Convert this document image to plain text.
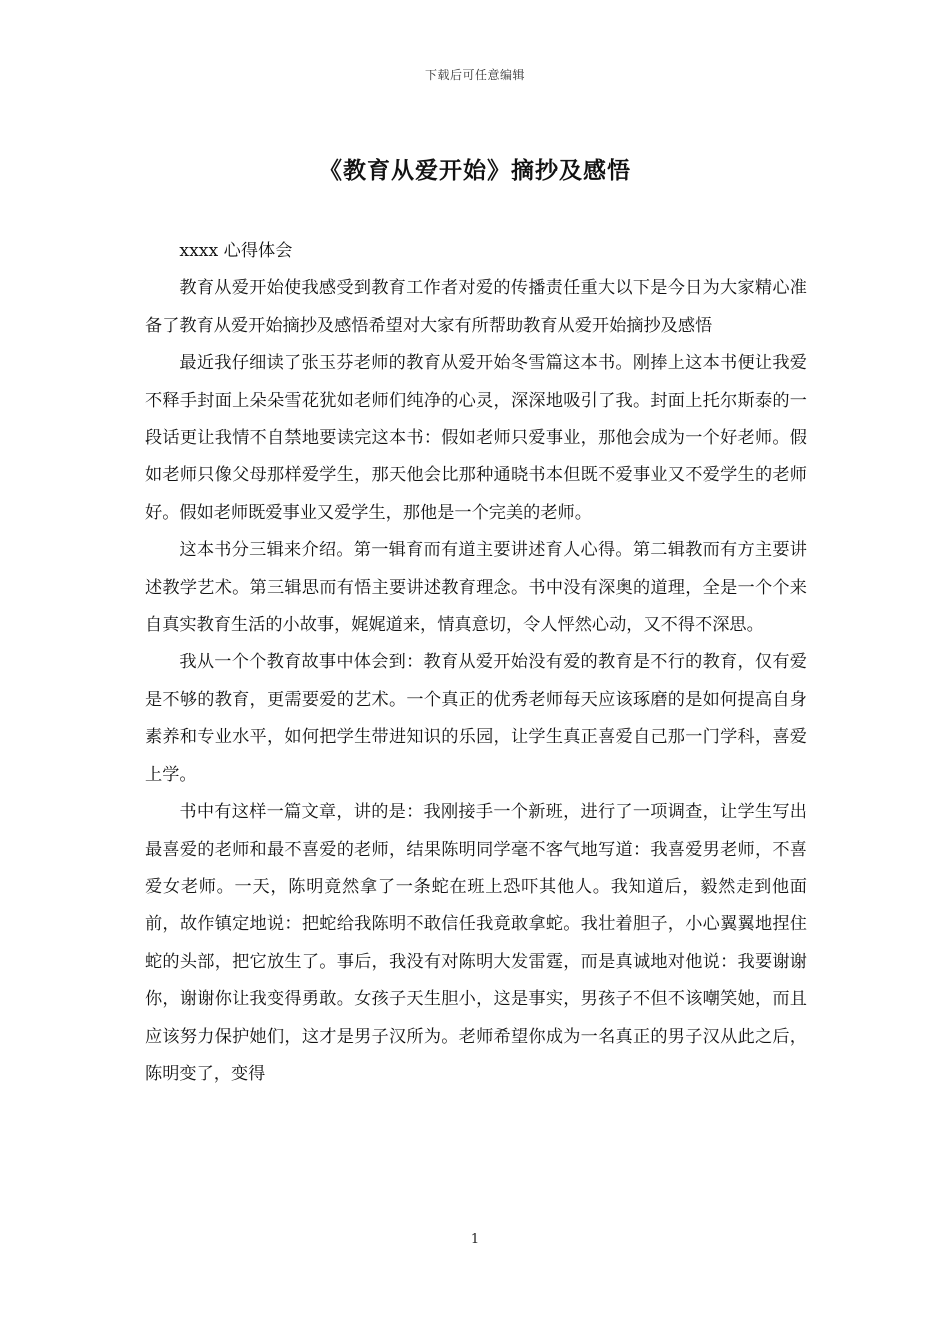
下载后可任意编辑
《教育从爱开始》摘抄及感悟

xxxx 心得体会

教育从爱开始使我感受到教育工作者对爱的传播责任重大以下是今日为大家精心准备了教育从爱开始摘抄及感悟希望对大家有所帮助教育从爱开始摘抄及感悟

最近我仔细读了张玉芬老师的教育从爱开始冬雪篇这本书。刚捧上这本书便让我爱不释手封面上朵朵雪花犹如老师们纯净的心灵，深深地吸引了我。封面上托尔斯泰的一段话更让我情不自禁地要读完这本书：假如老师只爱事业，那他会成为一个好老师。假如老师只像父母那样爱学生，那天他会比那种通晓书本但既不爱事业又不爱学生的老师好。假如老师既爱事业又爱学生，那他是一个完美的老师。

这本书分三辑来介绍。第一辑育而有道主要讲述育人心得。第二辑教而有方主要讲述教学艺术。第三辑思而有悟主要讲述教育理念。书中没有深奥的道理，全是一个个来自真实教育生活的小故事，娓娓道来，情真意切，令人怦然心动，又不得不深思。

我从一个个教育故事中体会到：教育从爱开始没有爱的教育是不行的教育，仅有爱是不够的教育，更需要爱的艺术。一个真正的优秀老师每天应该琢磨的是如何提高自身素养和专业水平，如何把学生带进知识的乐园，让学生真正喜爱自己那一门学科，喜爱上学。

书中有这样一篇文章，讲的是：我刚接手一个新班，进行了一项调查，让学生写出最喜爱的老师和最不喜爱的老师，结果陈明同学毫不客气地写道：我喜爱男老师，不喜爱女老师。一天，陈明竟然拿了一条蛇在班上恐吓其他人。我知道后，毅然走到他面前，故作镇定地说：把蛇给我陈明不敢信任我竟敢拿蛇。我壮着胆子，小心翼翼地捏住蛇的头部，把它放生了。事后，我没有对陈明大发雷霆，而是真诚地对他说：我要谢谢你，谢谢你让我变得勇敢。女孩子天生胆小，这是事实，男孩子不但不该嘲笑她，而且应该努力保护她们，这才是男子汉所为。老师希望你成为一名真正的男子汉从此之后，陈明变了，变得

1
